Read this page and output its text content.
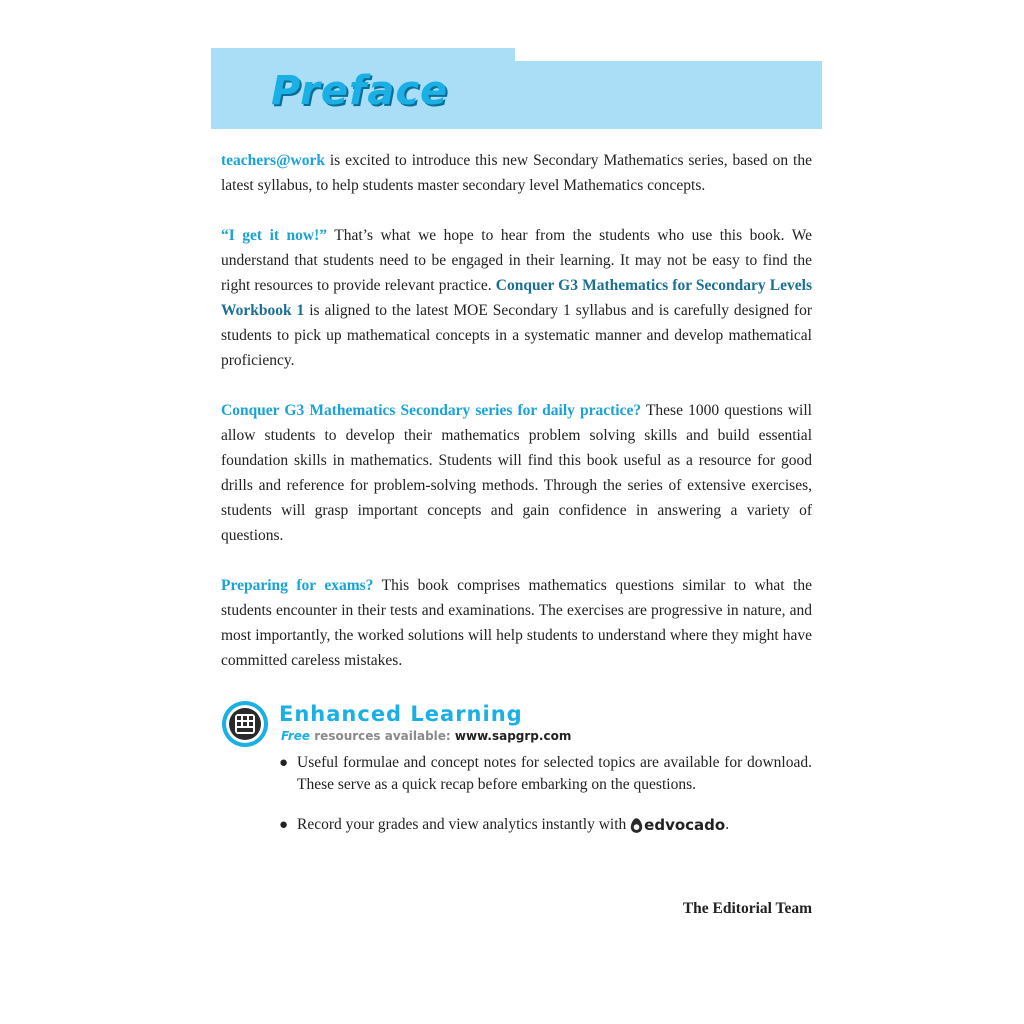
Preface

teachers@work is excited to introduce this new Secondary Mathematics series, based on the latest syllabus, to help students master secondary level Mathematics concepts.

“I get it now!” That’s what we hope to hear from the students who use this book. We understand that students need to be engaged in their learning. It may not be easy to find the right resources to provide relevant practice. Conquer G3 Mathematics for Secondary Levels Workbook 1 is aligned to the latest MOE Secondary 1 syllabus and is carefully designed for students to pick up mathematical concepts in a systematic manner and develop mathematical proficiency.

Conquer G3 Mathematics Secondary series for daily practice? These 1000 questions will allow students to develop their mathematics problem solving skills and build essential foundation skills in mathematics. Students will find this book useful as a resource for good drills and reference for problem-solving methods. Through the series of extensive exercises, students will grasp important concepts and gain confidence in answering a variety of questions.

Preparing for exams? This book comprises mathematics questions similar to what the students encounter in their tests and examinations. The exercises are progressive in nature, and most importantly, the worked solutions will help students to understand where they might have committed careless mistakes.

Enhanced Learning
Free resources available: www.sapgrp.com
● Useful formulae and concept notes for selected topics are available for download. These serve as a quick recap before embarking on the questions.
● Record your grades and view analytics instantly with edvocado .
The Editorial Team
